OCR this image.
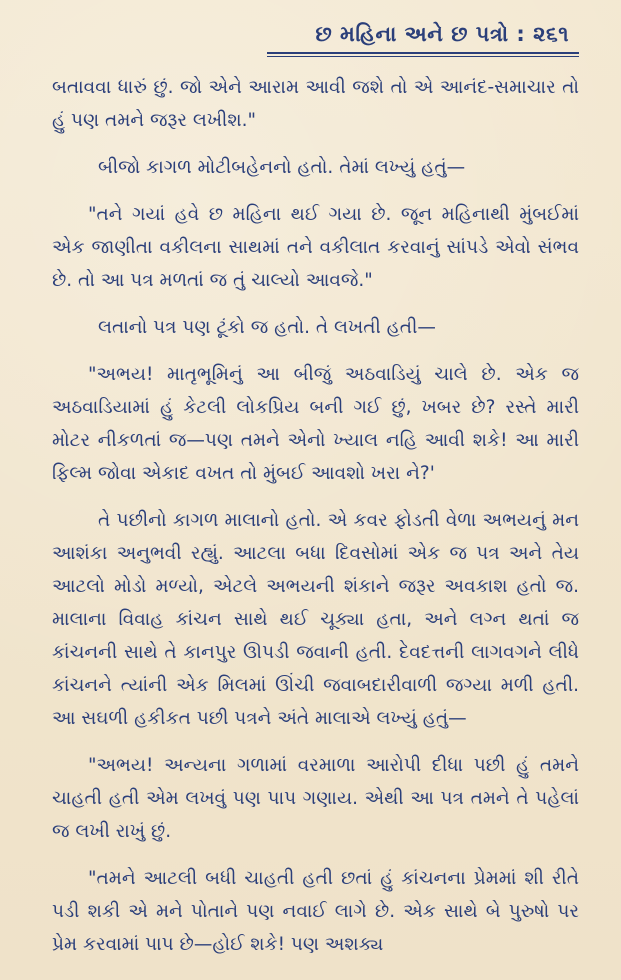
છ મહિના અને છ પત્રો : ૨૬૧

બતાવવા ધારું છું. જો એને આરામ આવી જશે તો એ આનંદ-સમાચાર તો હું પણ તમને જરૂર લખીશ."

બીજો કાગળ મોટીબહેનનો હતો. તેમાં લખ્યું હતું—

"તને ગયાં હવે છ મહિના થઈ ગયા છે. જૂન મહિનાથી મુંબઈમાં એક જાણીતા વકીલના સાથમાં તને વકીલાત કરવાનું સાંપડે એવો સંભવ છે. તો આ પત્ર મળતાં જ તું ચાલ્યો આવજે."

લતાનો પત્ર પણ ટૂંકો જ હતો. તે લખતી હતી—

"અભય! માતૃભૂમિનું આ બીજું અઠવાડિયું ચાલે છે. એક જ અઠવાડિયામાં હું કેટલી લોકપ્રિય બની ગઈ છું, ખબર છે? રસ્તે મારી મોટર નીકળતાં જ—પણ તમને એનો ખ્યાલ નહિ આવી શકે! આ મારી ફિલ્મ જોવા એકાદ વખત તો મુંબઈ આવશો ખરા ને?'

તે પછીનો કાગળ માલાનો હતો. એ કવર ફોડતી વેળા અભયનું મન આશંકા અનુભવી રહ્યું. આટલા બધા દિવસોમાં એક જ પત્ર અને તેય આટલો મોડો મળ્યો, એટલે અભયની શંકાને જરૂર અવકાશ હતો જ. માલાના વિવાહ કાંચન સાથે થઈ ચૂક્યા હતા, અને લગ્ન થતાં જ કાંચનની સાથે તે કાનપુર ઊપડી જવાની હતી. દેવદત્તની લાગવગને લીધે કાંચનને ત્યાંની એક મિલમાં ઊંચી જવાબદારીવાળી જગ્યા મળી હતી. આ સઘળી હકીકત પછી પત્રને અંતે માલાએ લખ્યું હતું—

"અભય! અન્યના ગળામાં વરમાળા આરોપી દીધા પછી હું તમને ચાહતી હતી એમ લખવું પણ પાપ ગણાય. એથી આ પત્ર તમને તે પહેલાં જ લખી રાખું છું.

"તમને આટલી બધી ચાહતી હતી છતાં હું કાંચનના પ્રેમમાં શી રીતે પડી શકી એ મને પોતાને પણ નવાઈ લાગે છે. એક સાથે બે પુરુષો પર પ્રેમ કરવામાં પાપ છે—હોઈ શકે! પણ અશક્ય
